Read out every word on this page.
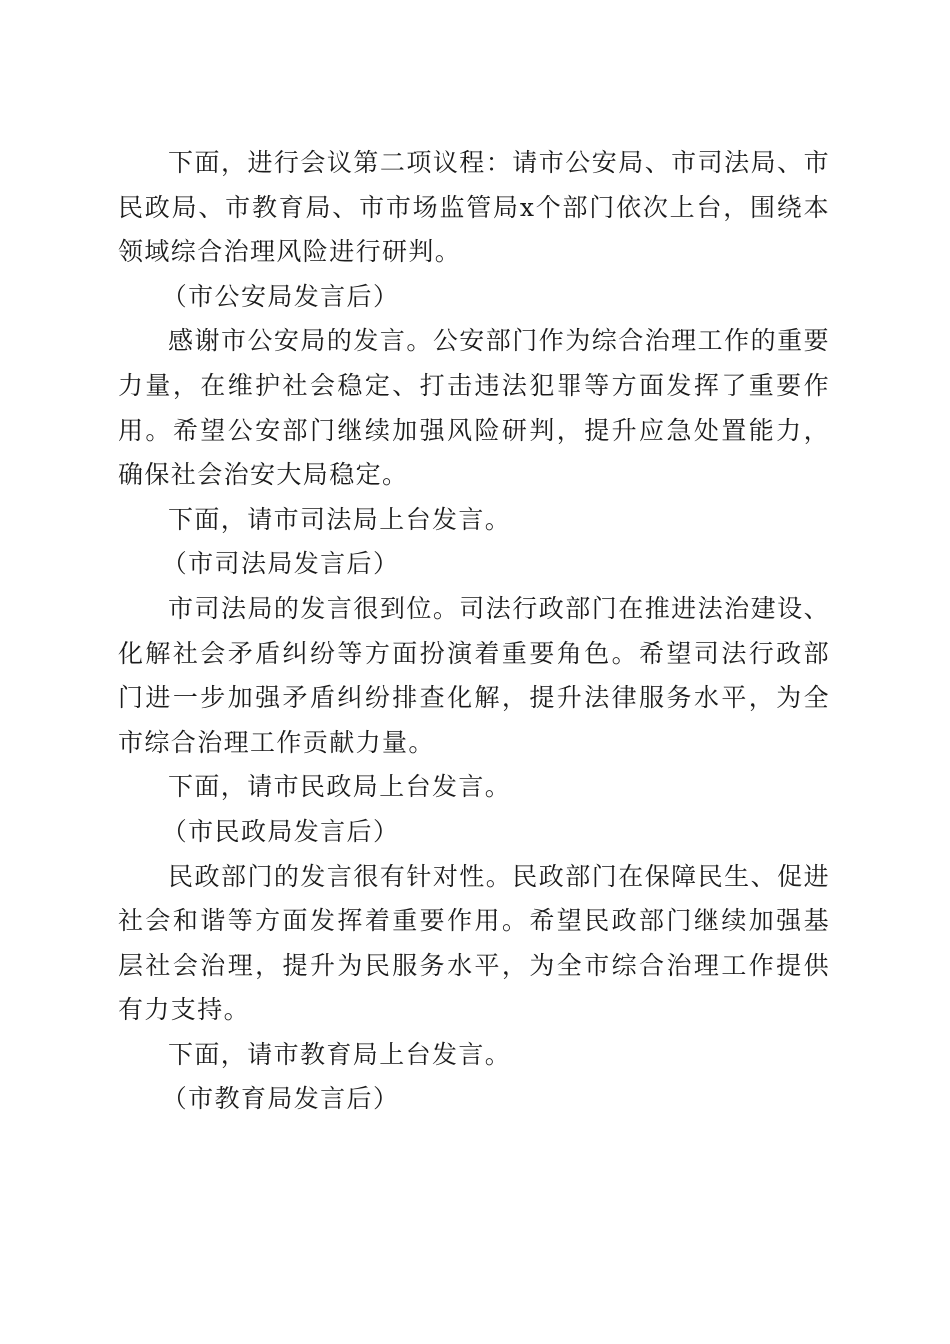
下面，进行会议第二项议程：请市公安局、市司法局、市民政局、市教育局、市市场监管局x个部门依次上台，围绕本领域综合治理风险进行研判。

（市公安局发言后）

感谢市公安局的发言。公安部门作为综合治理工作的重要力量，在维护社会稳定、打击违法犯罪等方面发挥了重要作用。希望公安部门继续加强风险研判，提升应急处置能力，确保社会治安大局稳定。

下面，请市司法局上台发言。

（市司法局发言后）

市司法局的发言很到位。司法行政部门在推进法治建设、化解社会矛盾纠纷等方面扮演着重要角色。希望司法行政部门进一步加强矛盾纠纷排查化解，提升法律服务水平，为全市综合治理工作贡献力量。

下面，请市民政局上台发言。

（市民政局发言后）

民政部门的发言很有针对性。民政部门在保障民生、促进社会和谐等方面发挥着重要作用。希望民政部门继续加强基层社会治理，提升为民服务水平，为全市综合治理工作提供有力支持。

下面，请市教育局上台发言。

（市教育局发言后）
